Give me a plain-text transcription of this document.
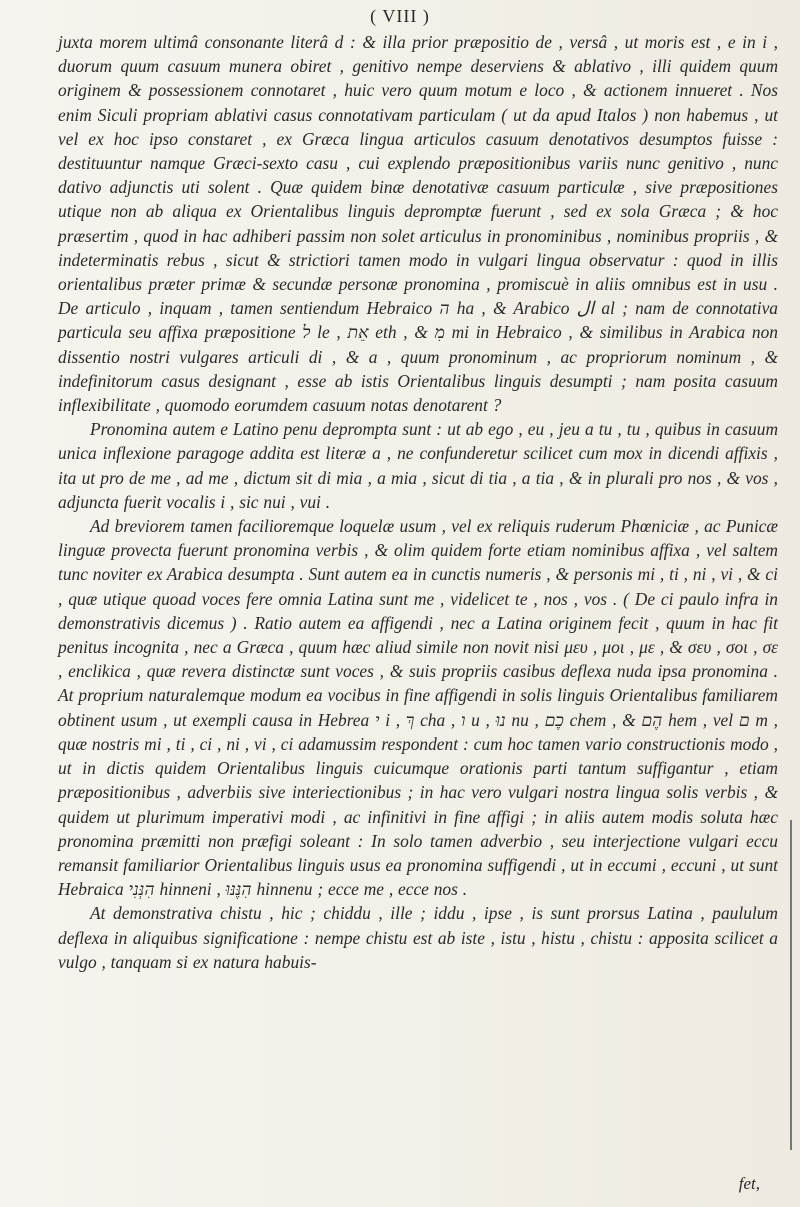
( VIII )

juxta morem ultimâ consonante literâ d : & illa prior præpositio de , versâ , ut moris est , e in i , duorum quum casuum munera obiret , genitivo nempe deserviens & ablativo , illi quidem quum originem & possessionem connotaret , huic vero quum motum e loco , & actionem innueret . Nos enim Siculi propriam ablativi casus connotativam particulam ( ut da apud Italos ) non habemus , ut vel ex hoc ipso constaret , ex Græca lingua articulos casuum denotativos desumptos fuisse : destituuntur namque Græci-sexto casu , cui explendo præpositionibus variis nunc genitivo , nunc dativo adjunctis uti solent . Quæ quidem binæ denotativæ casuum particulæ , sive præpositiones utique non ab aliqua ex Orientalibus linguis depromptæ fuerunt , sed ex sola Græca ; & hoc præsertim , quod in hac adhiberi passim non solet articulus in pronominibus , nominibus propriis , & indeterminatis rebus , sicut & strictiori tamen modo in vulgari lingua observatur : quod in illis orientalibus præter primæ & secundæ personæ pronomina , promiscuè in aliis omnibus est in usu . De articulo , inquam , tamen sentiendum Hebraico ה ha , & Arabico ال al ; nam de connotativa particula seu affixa præpositione ל le , אֵת eth , & מִ mi in Hebraico , & similibus in Arabica non dissentio nostri vulgares articuli di , & a , quum pronominum , ac propriorum nominum , & indefinitorum casus designant , esse ab istis Orientalibus linguis desumpti ; nam posita casuum inflexibilitate , quomodo eorumdem casuum notas denotarent ?

Pronomina autem e Latino penu deprompta sunt : ut ab ego , eu , jeu a tu , tu , quibus in casuum unica inflexione paragoge addita est literæ a , ne confunderetur scilicet cum mox in dicendi affixis , ita ut pro de me , ad me , dictum sit di mia , a mia , sicut di tia , a tia , & in plurali pro nos , & vos , adjuncta fuerit vocalis i , sic nui , vui .

Ad breviorem tamen facilioremque loquelæ usum , vel ex reliquis ruderum Phœniciæ , ac Punicæ linguæ provecta fuerunt pronomina verbis , & olim quidem forte etiam nominibus affixa , vel saltem tunc noviter ex Arabica desumpta . Sunt autem ea in cunctis numeris , & personis mi , ti , ni , vi , & ci , quæ utique quoad voces fere omnia Latina sunt me , videlicet te , nos , vos . ( De ci paulo infra in demonstrativis dicemus ) . Ratio autem ea affigendi , nec a Latina originem fecit , quum in hac fit penitus incognita , nec a Græca , quum hæc aliud simile non novit nisi μευ , μοι , με , & σευ , σοι , σε , enclikica , quæ revera distinctæ sunt voces , & suis propriis casibus deflexa nuda ipsa pronomina . At proprium naturalemque modum ea vocibus in fine affigendi in solis linguis Orientalibus familiarem obtinent usum , ut exempli causa in Hebrea י i , ךְ cha , ו u , נוּ nu , כֶם chem , & הֶם hem , vel ם m , quæ nostris mi , ti , ci , ni , vi , ci adamussim respondent : cum hoc tamen vario constructionis modo , ut in dictis quidem Orientalibus linguis cuicumque orationis parti tantum suffigantur , etiam præpositionibus , adverbiis sive interiectionibus ; in hac vero vulgari nostra lingua solis verbis , & quidem ut plurimum imperativi modi , ac infinitivi in fine affigi ; in aliis autem modis soluta hæc pronomina præmitti non præfigi soleant : In solo tamen adverbio , seu interjectione vulgari eccu remansit familiarior Orientalibus linguis usus ea pronomina suffigendi , ut in eccumi , eccuni , ut sunt Hebraica הִנְּנִי hinneni , הִנֶּנּוּ hinnenu ; ecce me , ecce nos .

At demonstrativa chistu , hic ; chiddu , ille ; iddu , ipse , is sunt prorsus Latina , paululum deflexa in aliquibus significatione : nempe chistu est ab iste , istu , histu , chistu : apposita scilicet a vulgo , tanquam si ex natura habuis-

fet,
